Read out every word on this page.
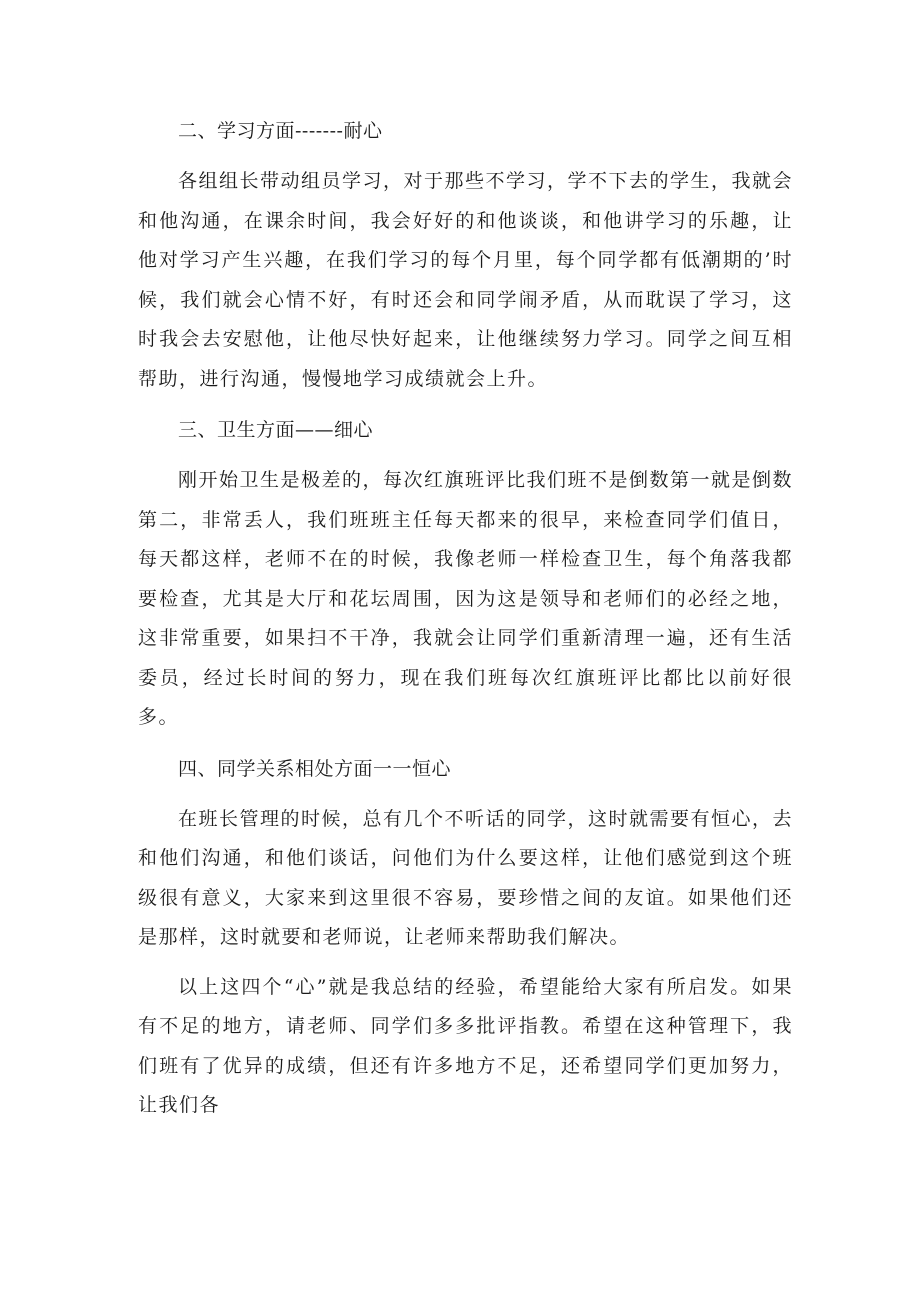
二、学习方面-------耐心
各组组长带动组员学习，对于那些不学习，学不下去的学生，我就会和他沟通，在课余时间，我会好好的和他谈谈，和他讲学习的乐趣，让他对学习产生兴趣，在我们学习的每个月里，每个同学都有低潮期的’时候，我们就会心情不好，有时还会和同学闹矛盾，从而耽误了学习，这时我会去安慰他，让他尽快好起来，让他继续努力学习。同学之间互相帮助，进行沟通，慢慢地学习成绩就会上升。
三、卫生方面——细心
刚开始卫生是极差的，每次红旗班评比我们班不是倒数第一就是倒数第二，非常丢人，我们班班主任每天都来的很早，来检查同学们值日，每天都这样，老师不在的时候，我像老师一样检查卫生，每个角落我都要检查，尤其是大厅和花坛周围，因为这是领导和老师们的必经之地，这非常重要，如果扫不干净，我就会让同学们重新清理一遍，还有生活委员，经过长时间的努力，现在我们班每次红旗班评比都比以前好很多。
四、同学关系相处方面一一恒心
在班长管理的时候，总有几个不听话的同学，这时就需要有恒心，去和他们沟通，和他们谈话，问他们为什么要这样，让他们感觉到这个班级很有意义，大家来到这里很不容易，要珍惜之间的友谊。如果他们还是那样，这时就要和老师说，让老师来帮助我们解决。
以上这四个“心”就是我总结的经验，希望能给大家有所启发。如果有不足的地方，请老师、同学们多多批评指教。希望在这种管理下，我们班有了优异的成绩，但还有许多地方不足，还希望同学们更加努力，让我们各
